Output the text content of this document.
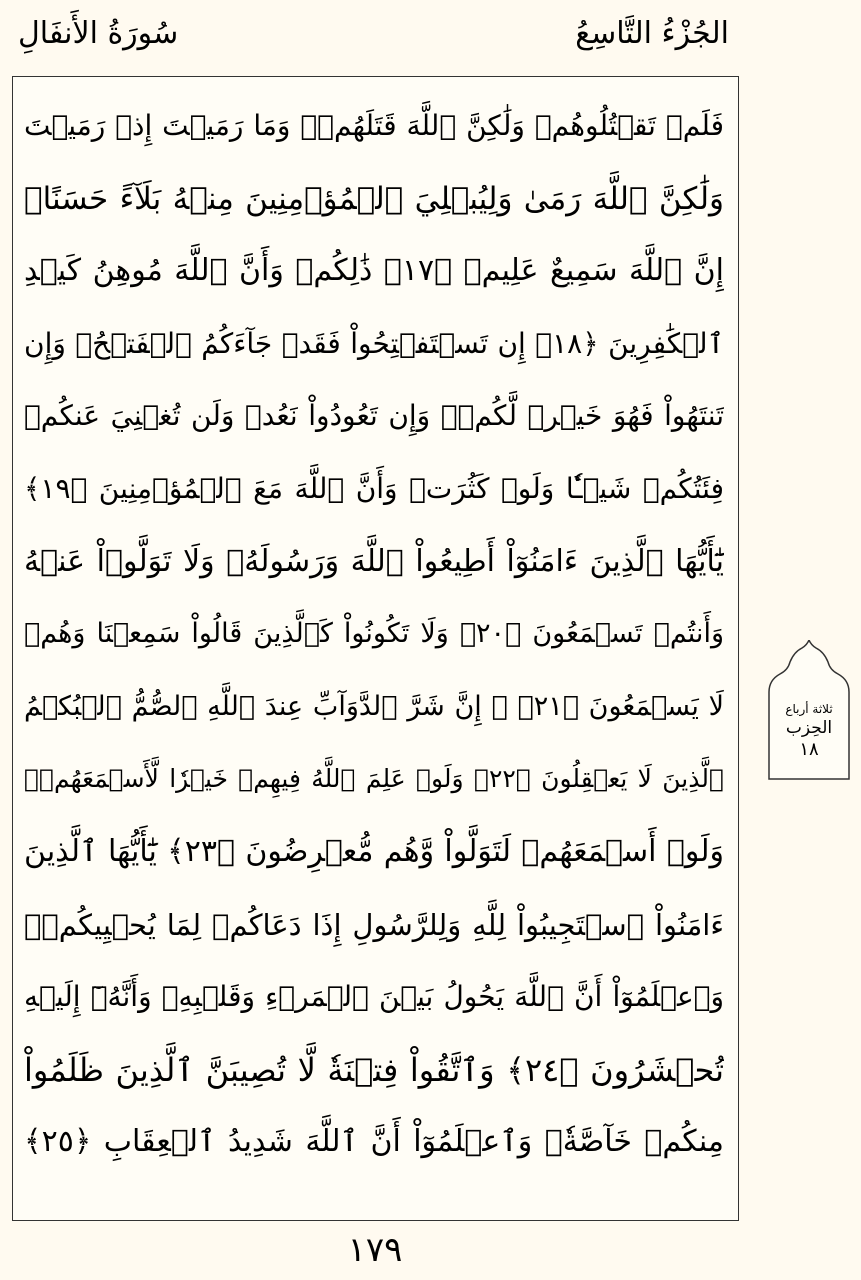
الجُزْءُ التَّاسِعُ
سُورَةُ الأَنفَالِ
فَلَمۡ تَقۡتُلُوهُمۡ وَلَٰكِنَّ ٱللَّهَ قَتَلَهُمۡۚ وَمَا رَمَيۡتَ إِذۡ رَمَيۡتَ
وَلَٰكِنَّ ٱللَّهَ رَمَىٰ وَلِيُبۡلِيَ ٱلۡمُؤۡمِنِينَ مِنۡهُ بَلَآءً حَسَنًاۚ
إِنَّ ٱللَّهَ سَمِيعٌ عَلِيمٞ ﴿١٧﴾ ذَٰلِكُمۡ وَأَنَّ ٱللَّهَ مُوهِنُ كَيۡدِ
ٱلۡكَٰفِرِينَ ﴿١٨﴾ إِن تَسۡتَفۡتِحُواْ فَقَدۡ جَآءَكُمُ ٱلۡفَتۡحُۖ وَإِن
تَنتَهُواْ فَهُوَ خَيۡرٞ لَّكُمۡۖ وَإِن تَعُودُواْ نَعُدۡ وَلَن تُغۡنِيَ عَنكُمۡ
فِئَتُكُمۡ شَيۡـٔٗا وَلَوۡ كَثُرَتۡ وَأَنَّ ٱللَّهَ مَعَ ٱلۡمُؤۡمِنِينَ ﴿١٩﴾
يَٰٓأَيُّهَا ٱلَّذِينَ ءَامَنُوٓاْ أَطِيعُواْ ٱللَّهَ وَرَسُولَهُۥ وَلَا تَوَلَّوۡاْ عَنۡهُ
وَأَنتُمۡ تَسۡمَعُونَ ﴿٢٠﴾ وَلَا تَكُونُواْ كَٱلَّذِينَ قَالُواْ سَمِعۡنَا وَهُمۡ
لَا يَسۡمَعُونَ ﴿٢١﴾ ۞ إِنَّ شَرَّ ٱلدَّوَآبِّ عِندَ ٱللَّهِ ٱلصُّمُّ ٱلۡبُكۡمُ
ٱلَّذِينَ لَا يَعۡقِلُونَ ﴿٢٢﴾ وَلَوۡ عَلِمَ ٱللَّهُ فِيهِمۡ خَيۡرٗا لَّأَسۡمَعَهُمۡۖ
وَلَوۡ أَسۡمَعَهُمۡ لَتَوَلَّواْ وَّهُم مُّعۡرِضُونَ ﴿٢٣﴾ يَٰٓأَيُّهَا ٱلَّذِينَ
ءَامَنُواْ ٱسۡتَجِيبُواْ لِلَّهِ وَلِلرَّسُولِ إِذَا دَعَاكُمۡ لِمَا يُحۡيِيكُمۡۖ
وَٱعۡلَمُوٓاْ أَنَّ ٱللَّهَ يَحُولُ بَيۡنَ ٱلۡمَرۡءِ وَقَلۡبِهِۦ وَأَنَّهُۥٓ إِلَيۡهِ
تُحۡشَرُونَ ﴿٢٤﴾ وَٱتَّقُواْ فِتۡنَةٗ لَّا تُصِيبَنَّ ٱلَّذِينَ ظَلَمُواْ
مِنكُمۡ خَآصَّةٗۖ وَٱعۡلَمُوٓاْ أَنَّ ٱللَّهَ شَدِيدُ ٱلۡعِقَابِ ﴿٢٥﴾
ثلاثة أرباع
الحِزب
١٨
١٧٩
